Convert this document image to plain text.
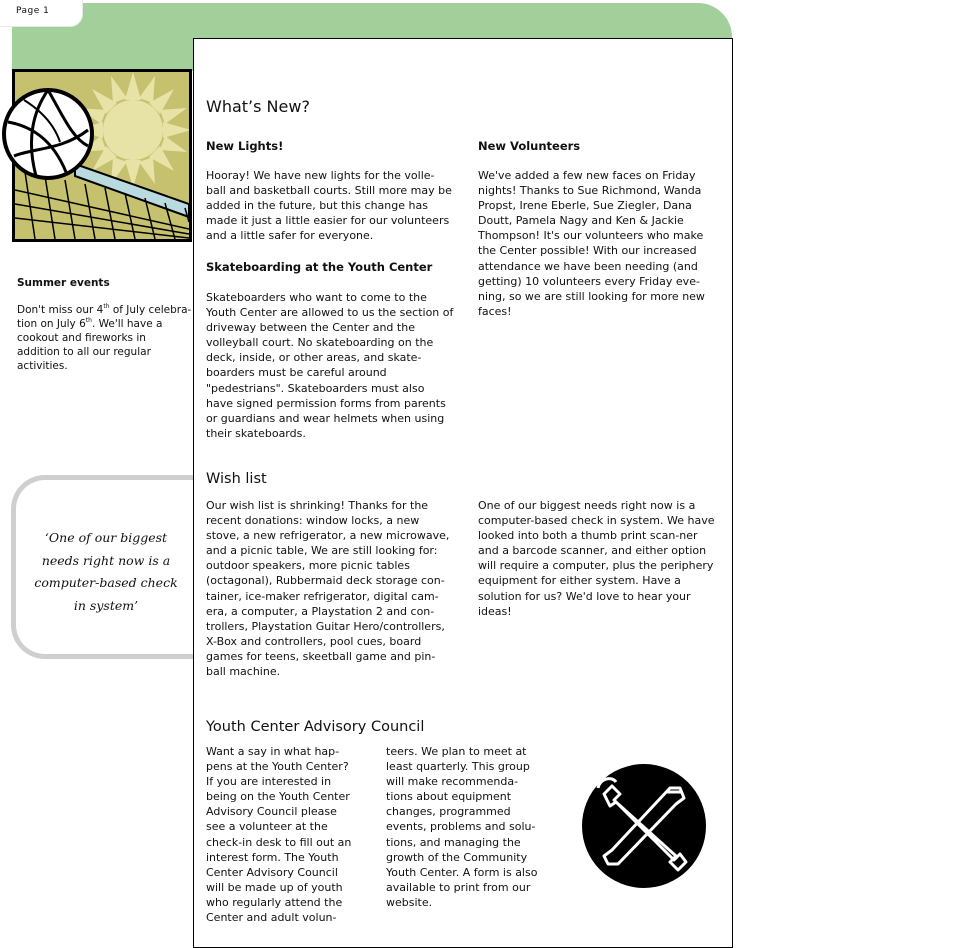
Page 1
Summer events
Don't miss our 4th of July celebra-tion on July 6th. We'll have a cookout and fireworks in addition to all our regular activities.
‘One of our biggest
needs right now is a
computer-based check
in system’
What’s New?
New Lights!
Hooray! We have new lights for the volle-ball and basketball courts. Still more may be added in the future, but this change has made it just a little easier for our volunteers and a little safer for everyone.
Skateboarding at the Youth Center
Skateboarders who want to come to the Youth Center are allowed to us the section of driveway between the Center and the volleyball court. No skateboarding on the deck, inside, or other areas, and skate-boarders must be careful around "pedestrians". Skateboarders must also have signed permission forms from parents or guardians and wear helmets when using their skateboards.
New Volunteers
We've added a few new faces on Friday nights! Thanks to Sue Richmond, Wanda Propst, Irene Eberle, Sue Ziegler, Dana Doutt, Pamela Nagy and Ken & Jackie Thompson! It's our volunteers who make the Center possible! With our increased attendance we have been needing (and getting) 10 volunteers every Friday eve-ning, so we are still looking for more new faces!
Wish list
Our wish list is shrinking! Thanks for the recent donations: window locks, a new stove, a new refrigerator, a new microwave, and a picnic table, We are still looking for: outdoor speakers, more picnic tables (octagonal), Rubbermaid deck storage con-tainer, ice-maker refrigerator, digital cam-era, a computer, a Playstation 2 and con-trollers, Playstation Guitar Hero/controllers, X-Box and controllers, pool cues, board games for teens, skeetball game and pin-ball machine.
One of our biggest needs right now is a computer-based check in system. We have looked into both a thumb print scan-ner and a barcode scanner, and either option will require a computer, plus the periphery equipment for either system. Have a solution for us? We'd love to hear your ideas!
Youth Center Advisory Council
Want a say in what hap-pens at the Youth Center? If you are interested in being on the Youth Center Advisory Council please see a volunteer at the check-in desk to fill out an interest form. The Youth Center Advisory Council will be made up of youth who regularly attend the Center and adult volun-
teers. We plan to meet at least quarterly. This group will make recommenda-tions about equipment changes, programmed events, problems and solu-tions, and managing the growth of the Community Youth Center. A form is also available to print from our website.
